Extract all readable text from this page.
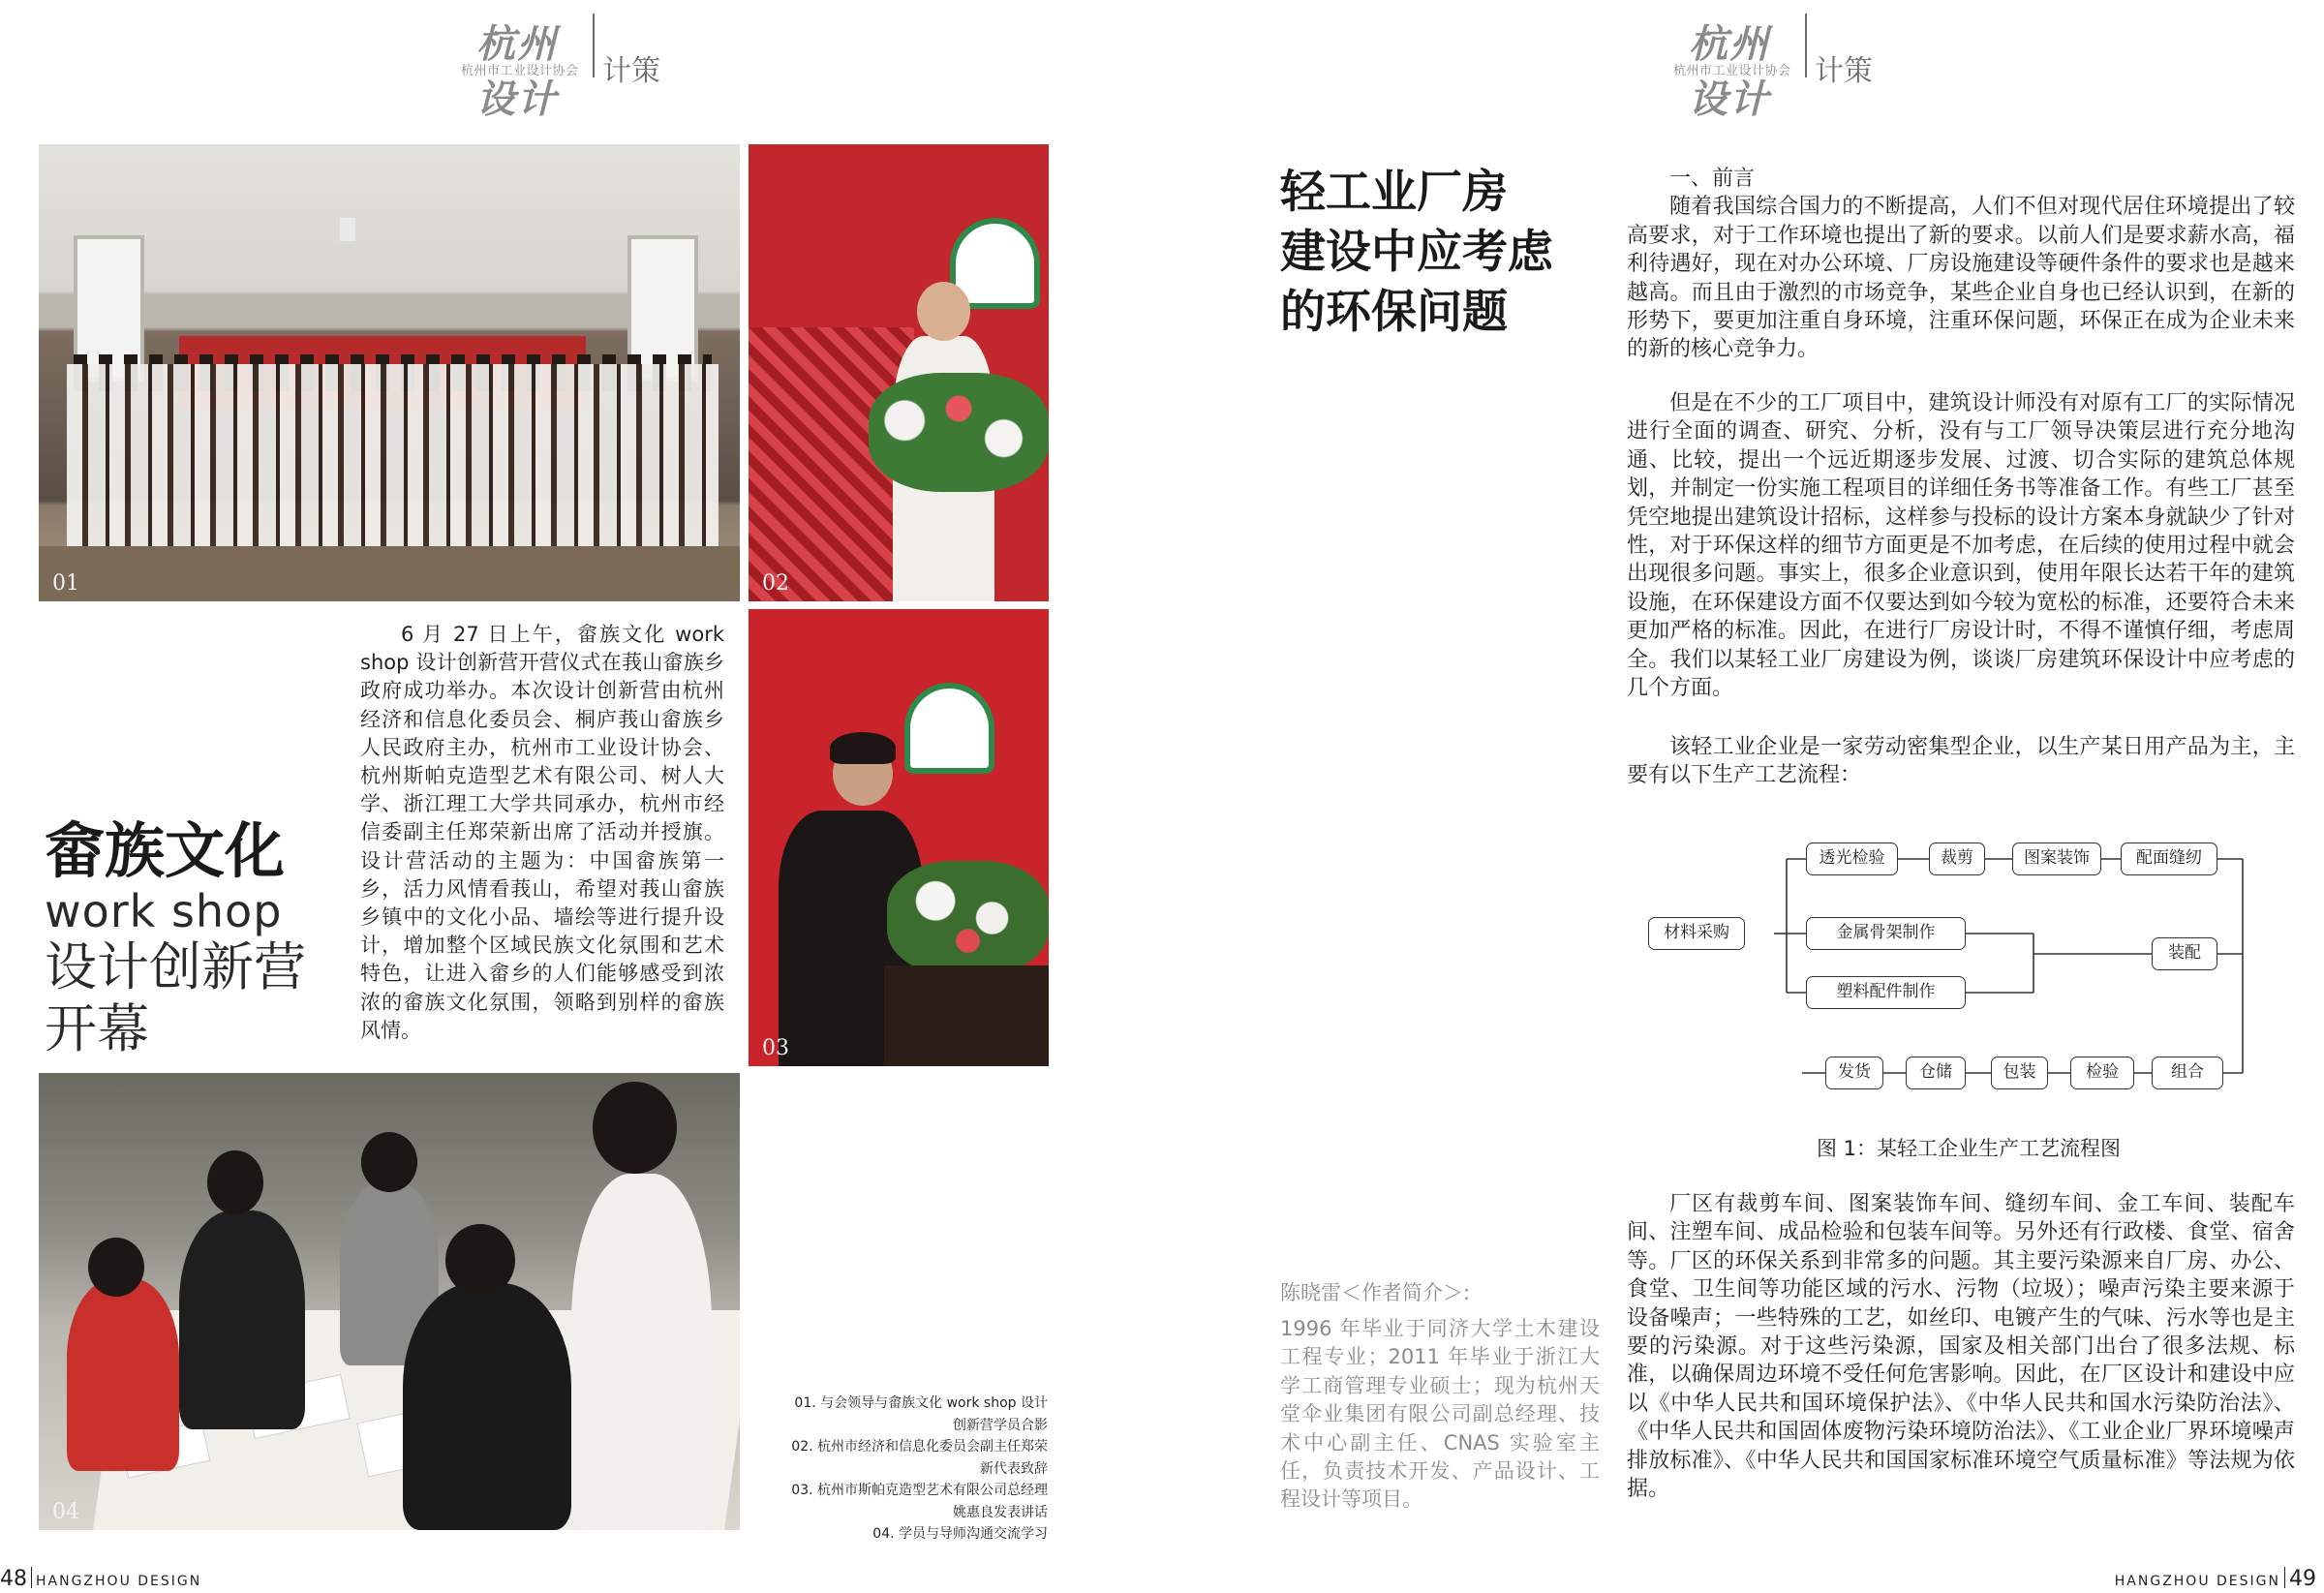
杭州设计
杭州市工业设计协会 计策
01	02
03
04
6 月 27 日上午，畲族文化 work shop 设计创新营开营仪式在莪山畲族乡政府成功举办。本次设计创新营由杭州经济和信息化委员会、桐庐莪山畲族乡人民政府主办，杭州市工业设计协会、杭州斯帕克造型艺术有限公司、树人大学、浙江理工大学共同承办，杭州市经信委副主任郑荣新出席了活动并授旗。设计营活动的主题为：中国畲族第一乡，活力风情看莪山，希望对莪山畲族乡镇中的文化小品、墙绘等进行提升设计，增加整个区域民族文化氛围和艺术特色，让进入畲乡的人们能够感受到浓浓的畲族文化氛围，领略到别样的畲族风情。
畲族文化
work shop
设计创新营
开幕
01. 与会领导与畲族文化 work shop 设计创新营学员合影
02. 杭州市经济和信息化委员会副主任郑荣新代表致辞
03. 杭州市斯帕克造型艺术有限公司总经理姚惠良发表讲话
04. 学员与导师沟通交流学习
48 HANGZHOU DESIGN
杭州设计
杭州市工业设计协会 计策
轻工业厂房
建设中应考虑
的环保问题
一、前言

随着我国综合国力的不断提高，人们不但对现代居住环境提出了较高要求，对于工作环境也提出了新的要求。以前人们是要求薪水高，福利待遇好，现在对办公环境、厂房设施建设等硬件条件的要求也是越来越高。而且由于激烈的市场竞争，某些企业自身也已经认识到，在新的形势下，要更加注重自身环境，注重环保问题，环保正在成为企业未来的新的核心竞争力。

但是在不少的工厂项目中，建筑设计师没有对原有工厂的实际情况进行全面的调查、研究、分析，没有与工厂领导决策层进行充分地沟通、比较，提出一个远近期逐步发展、过渡、切合实际的建筑总体规划，并制定一份实施工程项目的详细任务书等准备工作。有些工厂甚至凭空地提出建筑设计招标，这样参与投标的设计方案本身就缺少了针对性，对于环保这样的细节方面更是不加考虑，在后续的使用过程中就会出现很多问题。事实上，很多企业意识到，使用年限长达若干年的建筑设施，在环保建设方面不仅要达到如今较为宽松的标准，还要符合未来更加严格的标准。因此，在进行厂房设计时，不得不谨慎仔细，考虑周全。我们以某轻工业厂房建设为例，谈谈厂房建筑环保设计中应考虑的几个方面。

该轻工业企业是一家劳动密集型企业，以生产某日用产品为主，主要有以下生产工艺流程：

材料采购
透光检验	裁剪	图案装饰	配面缝纫
金属骨架制作
塑料配件制作
装配
组合
检验
包装
仓储
发货
图 1：某轻工企业生产工艺流程图

厂区有裁剪车间、图案装饰车间、缝纫车间、金工车间、装配车间、注塑车间、成品检验和包装车间等。另外还有行政楼、食堂、宿舍等。厂区的环保关系到非常多的问题。其主要污染源来自厂房、办公、食堂、卫生间等功能区域的污水、污物（垃圾）；噪声污染主要来源于设备噪声；一些特殊的工艺，如丝印、电镀产生的气味、污水等也是主要的污染源。对于这些污染源，国家及相关部门出台了很多法规、标准，以确保周边环境不受任何危害影响。因此，在厂区设计和建设中应以《中华人民共和国环境保护法》、《中华人民共和国水污染防治法》、《中华人民共和国固体废物污染环境防治法》、《工业企业厂界环境噪声排放标准》、《中华人民共和国国家标准环境空气质量标准》等法规为依据。

陈晓雷＜作者简介＞:
1996 年毕业于同济大学土木建设工程专业；2011 年毕业于浙江大学工商管理专业硕士；现为杭州天堂伞业集团有限公司副总经理、技术中心副主任、CNAS 实验室主任，负责技术开发、产品设计、工程设计等项目。
HANGZHOU DESIGN 49
